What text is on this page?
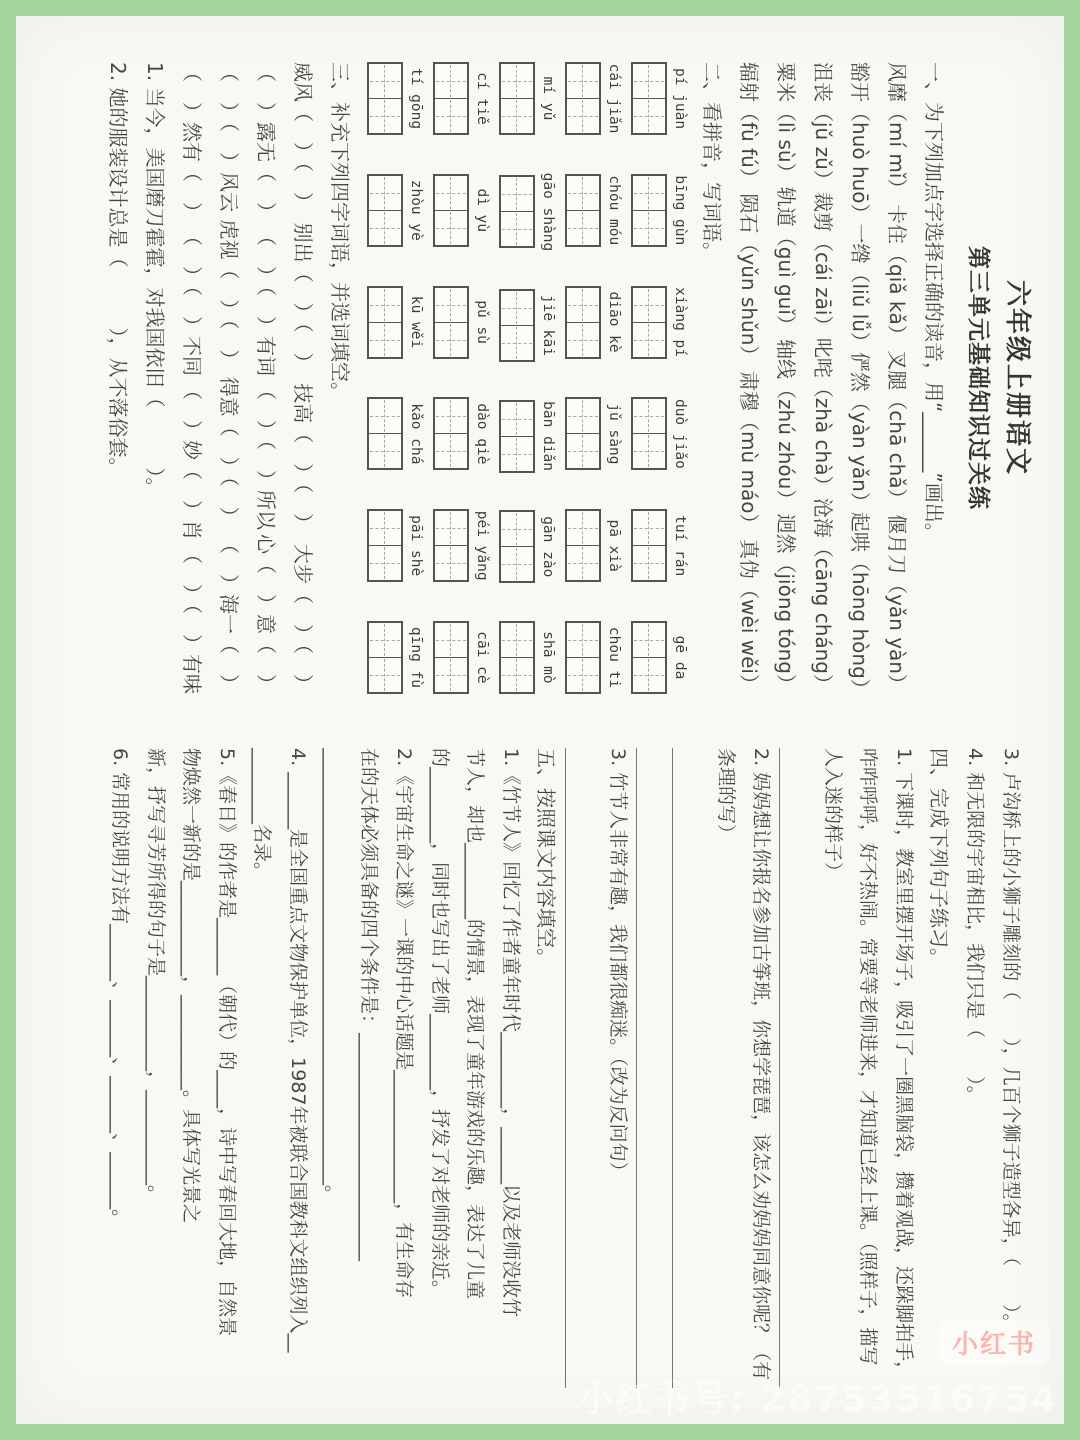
六年级上册语文
第三单元基础知识过关练
一、为下列加点字选择正确的读音，用“______”画出。
风靡（mí mǐ）
卡住（qiǎ kǎ）
叉腿（chā chǎ）
偃月刀（yǎn yàn）
豁开（huò huō）
一绺（liǔ lǚ）
俨然（yàn yǎn）
起哄（hōng hòng）
沮丧（jǔ zǔ）
裁剪（cái zāi）
叱咤（zhà chà）
沧海（cāng cháng）
粟米（lì sù）
轨道（guì guǐ）
轴线（zhú zhóu）
迥然（jiǒng tóng）
辐射（fù fú）
陨石（yǔn shǔn）
肃穆（mù máo）
真伪（wèi wěi）
二、看拼音，写词语。
pí juàn
bīng gùn
xiàng pí
duò jiǎo
tuí rán
gē da
cái jiǎn
chóu móu
diāo kè
jǔ sàng
pā xià
chōu ti
mí yǔ
gāo shàng
jiē kāi
bān diǎn
gān zào
shā mò
cí tiě
dì yù
pǔ sù
dào qiè
péi yǎng
cāi cè
tí gōng
zhòu yè
kū wěi
kǎo chá
pāi shè
qīng fù
三、补充下列四字词语，并选词填空。
威风（　）（　）
别出（　）（　）
技高（　）（　）
大步（　）（　）
（　）露无（　）
（　）（　）有词
（　）（　）所以
心（　）意（　）
（　）（　）风云
虎视（　）（　）
得意（　）（　）
（　）海一（　）
（　）然有（　）
（　）（　）不同
（　）妙（　）肖
（　）（　）有味
1. 当今，美国磨刀霍霍，对我国依旧（　　　）。
2. 她的服装设计总是（　　　），从不落俗套。
3. 卢沟桥上的小狮子雕刻的（　　），几百个狮子造型各异，（　　）。
4. 和无限的宇宙相比，我们只是（　　）。
四、完成下列句子练习。
1. 下课时，教室里摆开场子，吸引了一圈黑脑袋，攒着观战，还跺脚拍手，
咋咋呼呼，好不热闹。常要等老师进来，才知道已经上课。（照样子，描写
人入迷的样子）
2. 妈妈想让你报名参加古筝班，你想学琵琶，该怎么劝妈妈同意你呢？（有
条理的写）
3. 竹节人非常有趣，我们都很痴迷。（改为反问句）
五、按照课文内容填空。
1.《竹节人》回忆了作者童年时代________，______以及老师没收竹
节人，却也________的情景，表现了童年游戏的乐趣，表达了儿童
的________，同时也写出了老师________，抒发了对老师的亲近。
2.《宇宙生命之谜》一课的中心话题是______________，有生命存
在的天体必须具备的四个条件是：________________________
______________________________________________。
4. ______是全国重点文物保护单位，1987年被联合国教科文组织列入__
________名录。
5.《春日》的作者是______（朝代）的____，诗中写春回大地，自然景
物焕然一新的是__________，__________。具体写光景之
新，抒写寻芳所得的句子是__________，__________。
6. 常用的说明方法有______、______、______、______。
小红书
小红书号: 28753516754
